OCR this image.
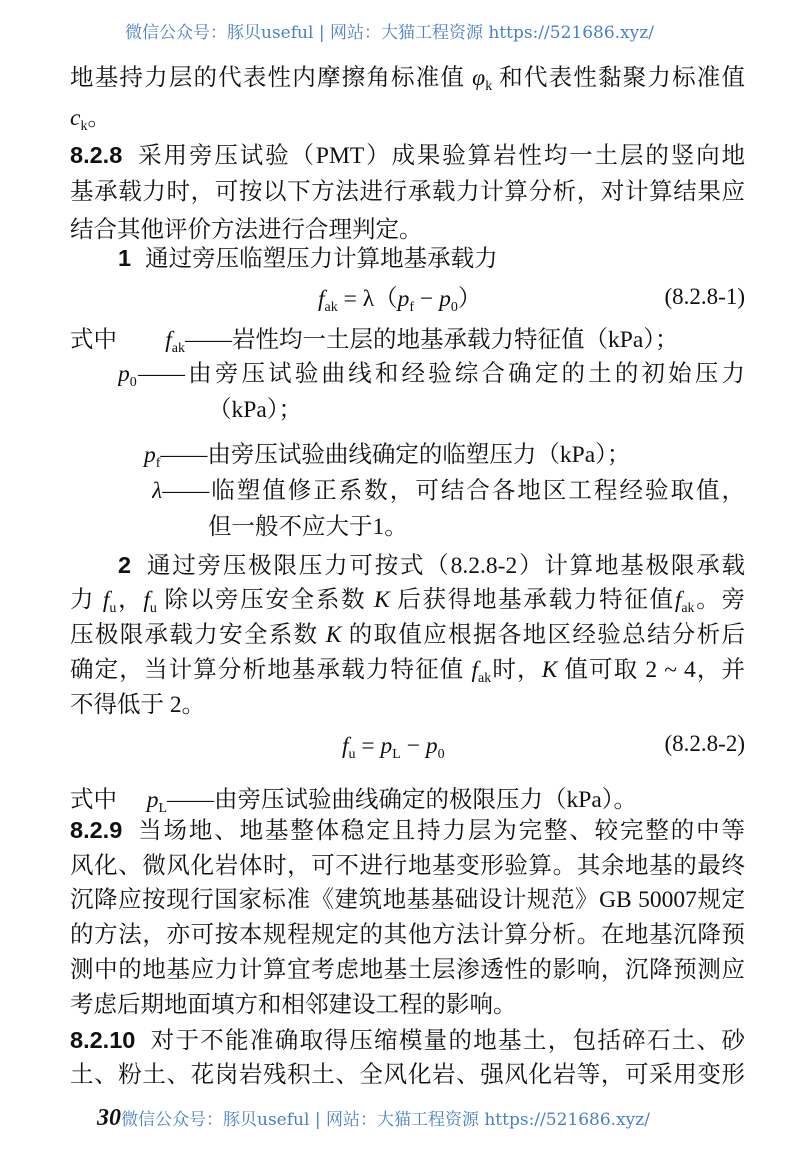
微信公众号：豚贝useful | 网站：大猫工程资源 https://521686.xyz/
地基持力层的代表性内摩擦角标准值 $\varphi_k$ 和代表性黏聚力标准值
$c_k$。
8.2.8 采用旁压试验（PMT）成果验算岩性均一土层的竖向地
基承载力时，可按以下方法进行承载力计算分析，对计算结果应
结合其他评价方法进行合理判定。
1 通过旁压临塑压力计算地基承载力
$f_{ak} = \lambda(p_f - p_0)$	(8.2.8-1)
式中 $f_{ak}——$岩性均一土层的地基承载力特征值（kPa）；
$p_0——$由旁压试验曲线和经验综合确定的土的初始压力
（kPa）；
$p_f——$由旁压试验曲线确定的临塑压力（kPa）；
λ——临塑值修正系数，可结合各地区工程经验取值，
但一般不应大于1。
2 通过旁压极限压力可按式（8.2.8-2）计算地基极限承载
力 $f_u$，$f_u$ 除以旁压安全系数 K 后获得地基承载力特征值$f_{ak}$。旁
压极限承载力安全系数 K 的取值应根据各地区经验总结分析后
确定，当计算分析地基承载力特征值 $f_{ak}$时，K 值可取 2 ~ 4，并
不得低于 2。
$f_u = p_L - p_0$	(8.2.8-2)
式中 $p_L——$由旁压试验曲线确定的极限压力（kPa）。
8.2.9 当场地、地基整体稳定且持力层为完整、较完整的中等
风化、微风化岩体时，可不进行地基变形验算。其余地基的最终
沉降应按现行国家标准《建筑地基基础设计规范》GB 50007规定
的方法，亦可按本规程规定的其他方法计算分析。在地基沉降预
测中的地基应力计算宜考虑地基土层渗透性的影响，沉降预测应
考虑后期地面填方和相邻建设工程的影响。
8.2.10 对于不能准确取得压缩模量的地基土，包括碎石土、砂
土、粉土、花岗岩残积土、全风化岩、强风化岩等，可采用变形
30微信公众号：豚贝useful | 网站：大猫工程资源 https://521686.xyz/
